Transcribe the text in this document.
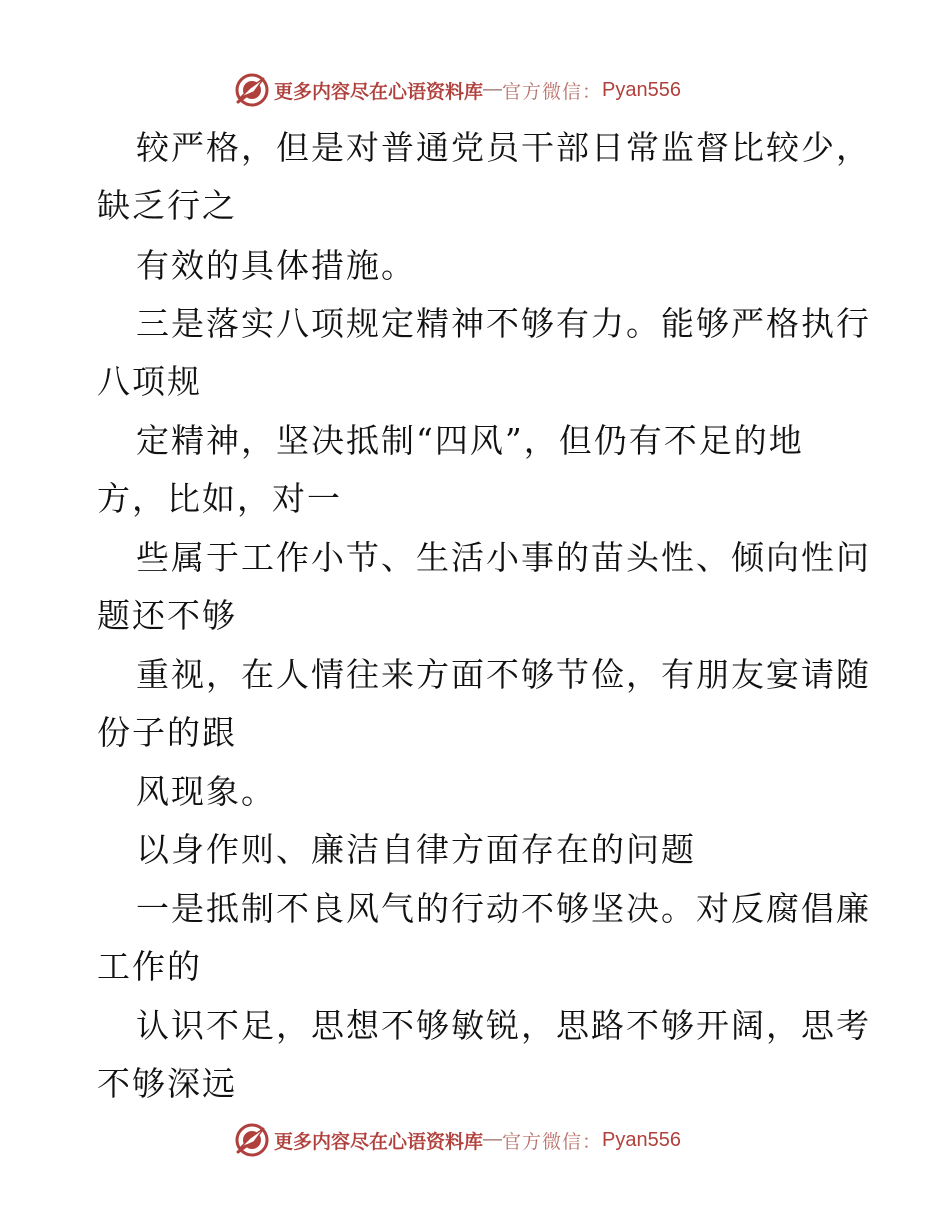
更多内容尽在心语资料库 — 官方微信： Pyan556
较严格，但是对普通党员干部日常监督比较少，
缺乏行之
有效的具体措施。
三是落实八项规定精神不够有力。能够严格执行
八项规
定精神，坚决抵制“四风”，但仍有不足的地
方，比如，对一
些属于工作小节、生活小事的苗头性、倾向性问
题还不够
重视，在人情往来方面不够节俭，有朋友宴请随
份子的跟
风现象。
以身作则、廉洁自律方面存在的问题
一是抵制不良风气的行动不够坚决。对反腐倡廉
工作的
认识不足，思想不够敏锐，思路不够开阔，思考
不够深远
更多内容尽在心语资料库 — 官方微信： Pyan556
